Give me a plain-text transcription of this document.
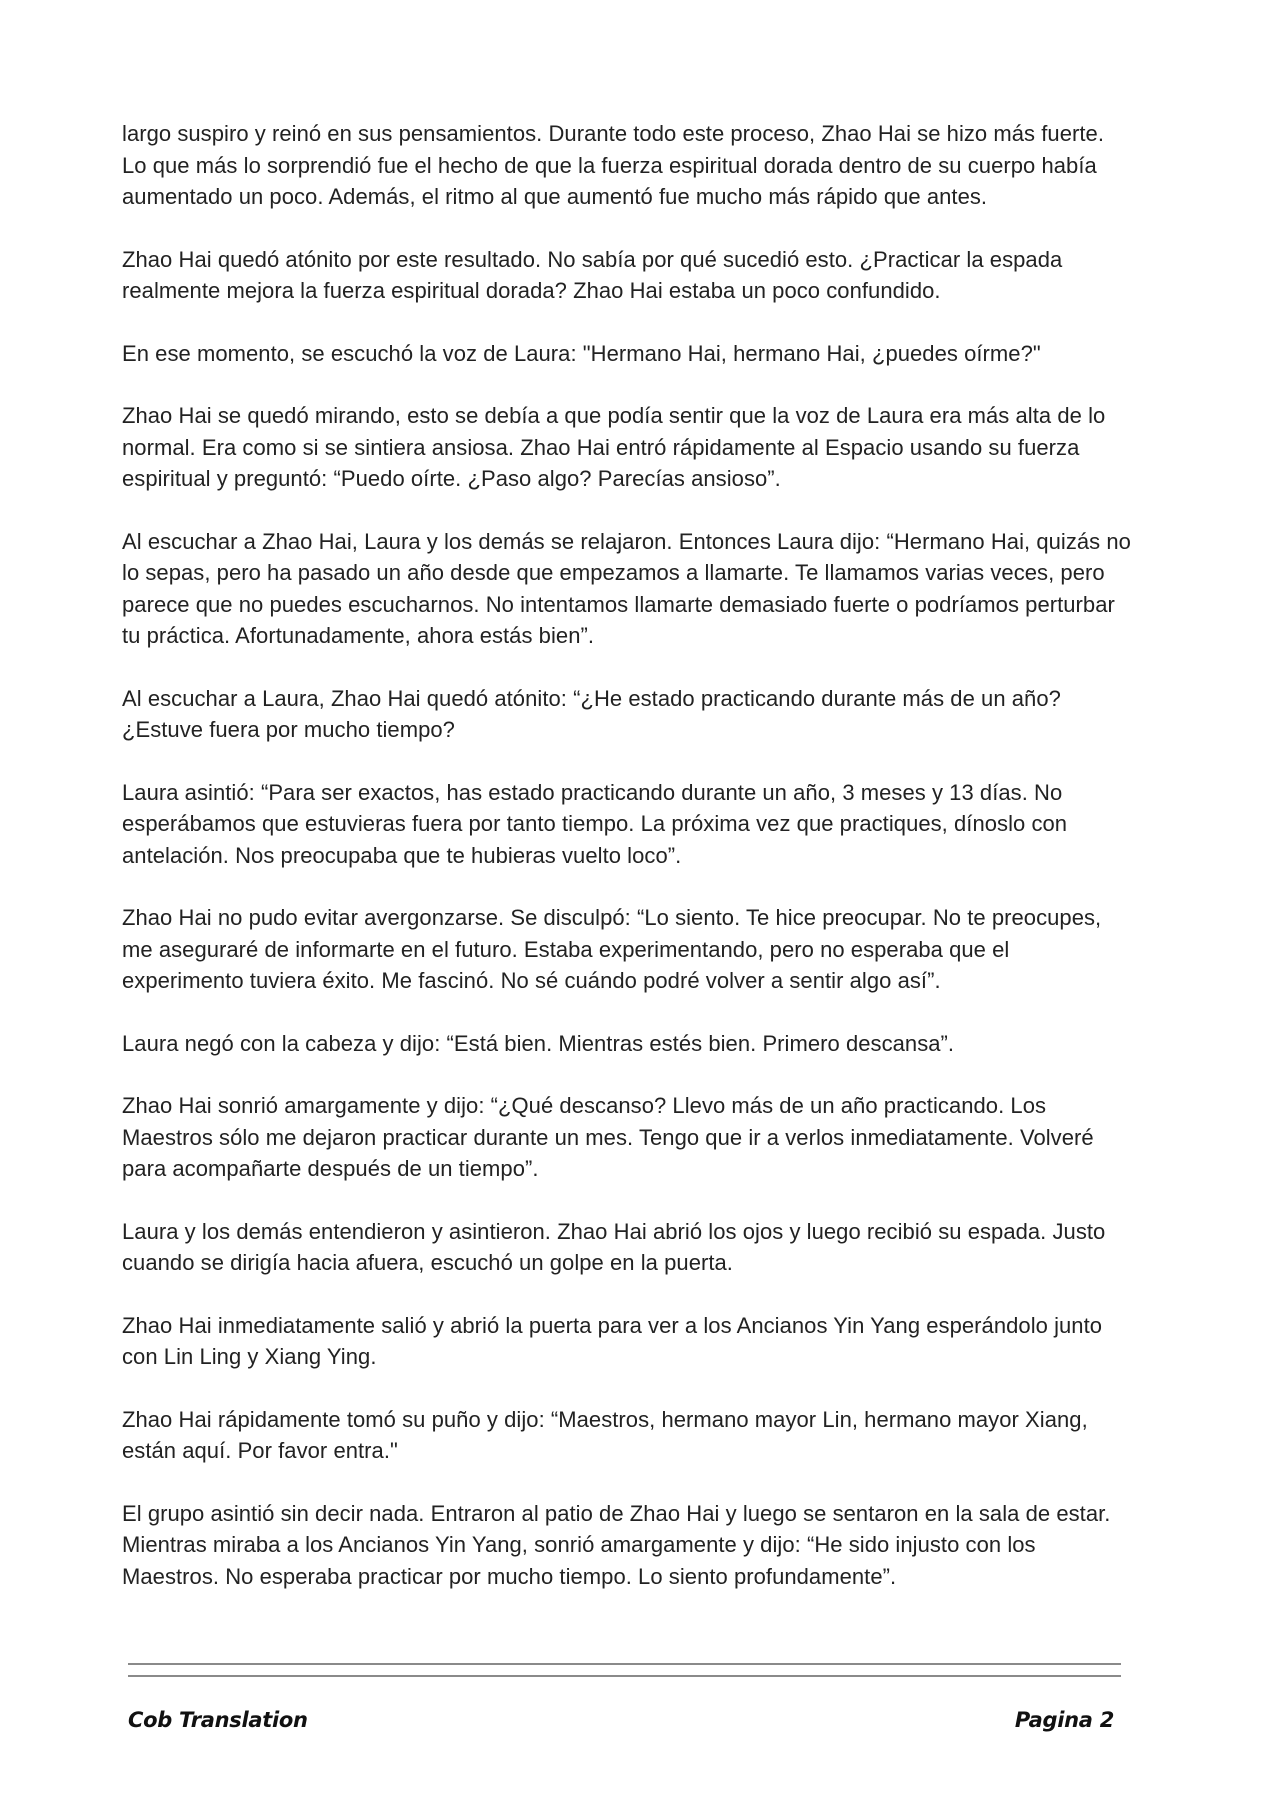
largo suspiro y reinó en sus pensamientos. Durante todo este proceso, Zhao Hai se hizo más fuerte. Lo que más lo sorprendió fue el hecho de que la fuerza espiritual dorada dentro de su cuerpo había aumentado un poco. Además, el ritmo al que aumentó fue mucho más rápido que antes.

Zhao Hai quedó atónito por este resultado. No sabía por qué sucedió esto. ¿Practicar la espada realmente mejora la fuerza espiritual dorada? Zhao Hai estaba un poco confundido.

En ese momento, se escuchó la voz de Laura: "Hermano Hai, hermano Hai, ¿puedes oírme?"

Zhao Hai se quedó mirando, esto se debía a que podía sentir que la voz de Laura era más alta de lo normal. Era como si se sintiera ansiosa. Zhao Hai entró rápidamente al Espacio usando su fuerza espiritual y preguntó: “Puedo oírte. ¿Paso algo? Parecías ansioso”.

Al escuchar a Zhao Hai, Laura y los demás se relajaron. Entonces Laura dijo: “Hermano Hai, quizás no lo sepas, pero ha pasado un año desde que empezamos a llamarte. Te llamamos varias veces, pero parece que no puedes escucharnos. No intentamos llamarte demasiado fuerte o podríamos perturbar tu práctica. Afortunadamente, ahora estás bien”.

Al escuchar a Laura, Zhao Hai quedó atónito: “¿He estado practicando durante más de un año? ¿Estuve fuera por mucho tiempo?

Laura asintió: “Para ser exactos, has estado practicando durante un año, 3 meses y 13 días. No esperábamos que estuvieras fuera por tanto tiempo. La próxima vez que practiques, dínoslo con antelación. Nos preocupaba que te hubieras vuelto loco”.

Zhao Hai no pudo evitar avergonzarse. Se disculpó: “Lo siento. Te hice preocupar. No te preocupes, me aseguraré de informarte en el futuro. Estaba experimentando, pero no esperaba que el experimento tuviera éxito. Me fascinó. No sé cuándo podré volver a sentir algo así”.

Laura negó con la cabeza y dijo: “Está bien. Mientras estés bien. Primero descansa”.

Zhao Hai sonrió amargamente y dijo: “¿Qué descanso? Llevo más de un año practicando. Los Maestros sólo me dejaron practicar durante un mes. Tengo que ir a verlos inmediatamente. Volveré para acompañarte después de un tiempo”.

Laura y los demás entendieron y asintieron. Zhao Hai abrió los ojos y luego recibió su espada. Justo cuando se dirigía hacia afuera, escuchó un golpe en la puerta.

Zhao Hai inmediatamente salió y abrió la puerta para ver a los Ancianos Yin Yang esperándolo junto con Lin Ling y Xiang Ying.

Zhao Hai rápidamente tomó su puño y dijo: “Maestros, hermano mayor Lin, hermano mayor Xiang, están aquí. Por favor entra."

El grupo asintió sin decir nada. Entraron al patio de Zhao Hai y luego se sentaron en la sala de estar. Mientras miraba a los Ancianos Yin Yang, sonrió amargamente y dijo: “He sido injusto con los Maestros. No esperaba practicar por mucho tiempo. Lo siento profundamente”.

Cob Translation	Pagina 2
